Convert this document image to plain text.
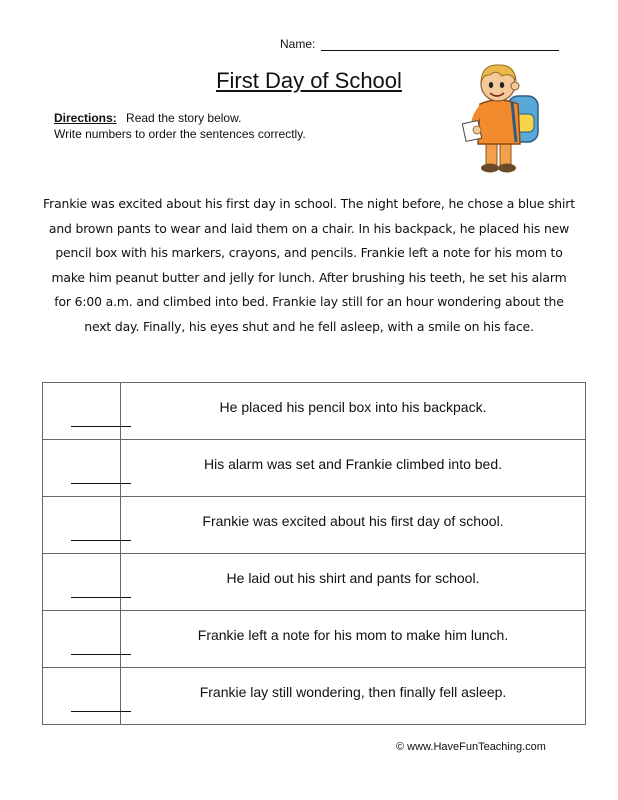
Name:
First Day of School
Directions: Read the story below.
Write numbers to order the sentences correctly.
Frankie was excited about his first day in school. The night before, he chose a blue shirt
and brown pants to wear and laid them on a chair. In his backpack, he placed his new
pencil box with his markers, crayons, and pencils. Frankie left a note for his mom to
make him peanut butter and jelly for lunch. After brushing his teeth, he set his alarm
for 6:00 a.m. and climbed into bed. Frankie lay still for an hour wondering about the
next day. Finally, his eyes shut and he fell asleep, with a smile on his face.
	He placed his pencil box into his backpack.

	His alarm was set and Frankie climbed into bed.

	Frankie was excited about his first day of school.

	He laid out his shirt and pants for school.

	Frankie left a note for his mom to make him lunch.

	Frankie lay still wondering, then finally fell asleep.
© www.HaveFunTeaching.com
